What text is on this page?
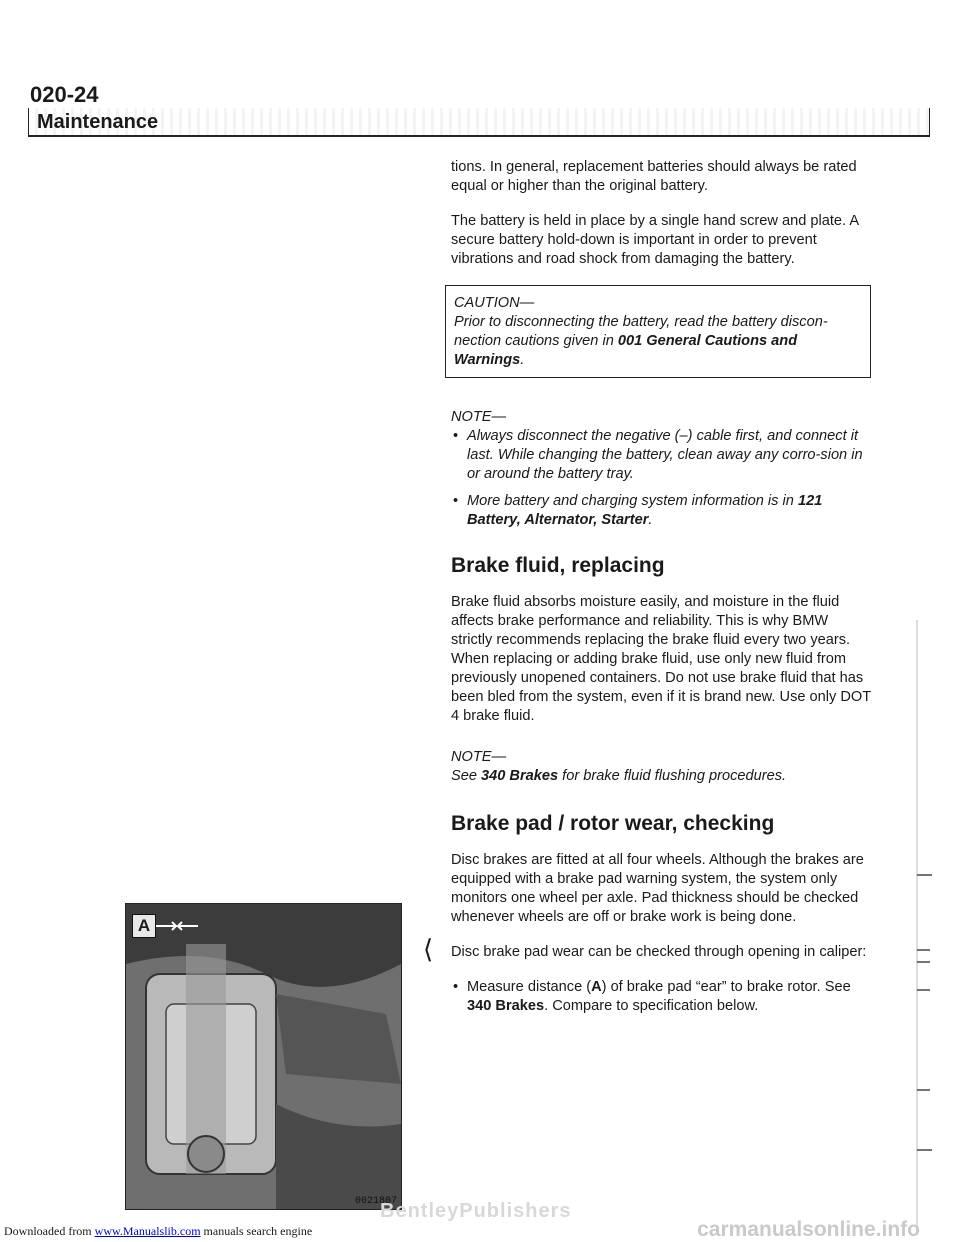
020-24
Maintenance

tions. In general, replacement batteries should always be rated equal or higher than the original battery.

The battery is held in place by a single hand screw and plate. A secure battery hold-down is important in order to prevent vibrations and road shock from damaging the battery.

CAUTION—
Prior to disconnecting the battery, read the battery discon-nection cautions given in 001 General Cautions and Warnings.
NOTE—
• Always disconnect the negative (–) cable first, and connect it last. While changing the battery, clean away any corro-sion in or around the battery tray.
• More battery and charging system information is in 121 Battery, Alternator, Starter.
Brake fluid, replacing

Brake fluid absorbs moisture easily, and moisture in the fluid affects brake performance and reliability. This is why BMW strictly recommends replacing the brake fluid every two years. When replacing or adding brake fluid, use only new fluid from previously unopened containers. Do not use brake fluid that has been bled from the system, even if it is brand new. Use only DOT 4 brake fluid.

NOTE—
See 340 Brakes for brake fluid flushing procedures.
Brake pad / rotor wear, checking

Disc brakes are fitted at all four wheels. Although the brakes are equipped with a brake pad warning system, the system only monitors one wheel per axle. Pad thickness should be checked whenever wheels are off or brake work is being done.

⟨ Disc brake pad wear can be checked through opening in caliper:

• Measure distance (A) of brake pad “ear” to brake rotor. See 340 Brakes. Compare to specification below.
A
0021807
BentleyPublishers
Downloaded from www.Manualslib.com manuals search engine	carmanualsonline.info
